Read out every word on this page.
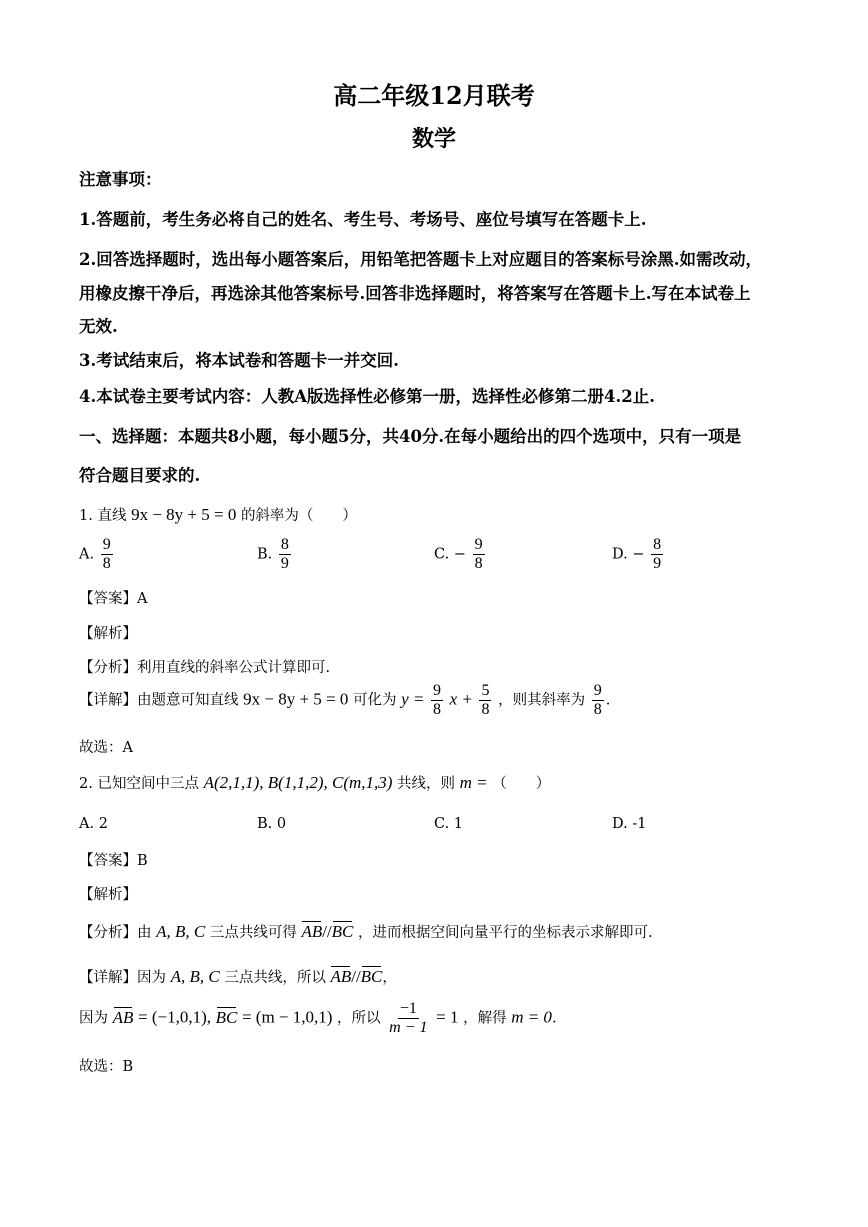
高二年级12月联考
数学
注意事项：
1.答题前，考生务必将自己的姓名、考生号、考场号、座位号填写在答题卡上.
2.回答选择题时，选出每小题答案后，用铅笔把答题卡上对应题目的答案标号涂黑.如需改动，
用橡皮擦干净后，再选涂其他答案标号.回答非选择题时，将答案写在答题卡上.写在本试卷上
无效.
3.考试结束后，将本试卷和答题卡一并交回.
4.本试卷主要考试内容：人教A版选择性必修第一册，选择性必修第二册4.2止.
一、选择题：本题共8小题，每小题5分，共40分.在每小题给出的四个选项中，只有一项是
符合题目要求的.
1. 直线 9x − 8y + 5 = 0 的斜率为（　　）
A. $\frac{9}{8}$	B. $\frac{8}{9}$	C. − $\frac{9}{8}$	D. − $\frac{8}{9}$
【答案】A
【解析】
【分析】利用直线的斜率公式计算即可.
【详解】由题意可知直线 9x − 8y + 5 = 0 可化为 $y = \frac{9}{8}$ $x + \frac{5}{8}$ ，则其斜率为 $\frac{9}{8}$ .
故选：A
2. 已知空间中三点 A(2,1,1), B(1,1,2), C(m,1,3) 共线，则 m = （　　）
A. 2	B. 0	C. 1	D. -1
【答案】B
【解析】
【分析】由 A, B, C 三点共线可得 AB//BC ，进而根据空间向量平行的坐标表示求解即可.
【详解】因为 A, B, C 三点共线，所以 AB//BC，
因为 AB = (−1,0,1), BC = (m − 1,0,1) ，所以 $\frac{-1}{m - 1} = 1$ ，解得 m = 0.
故选：B
